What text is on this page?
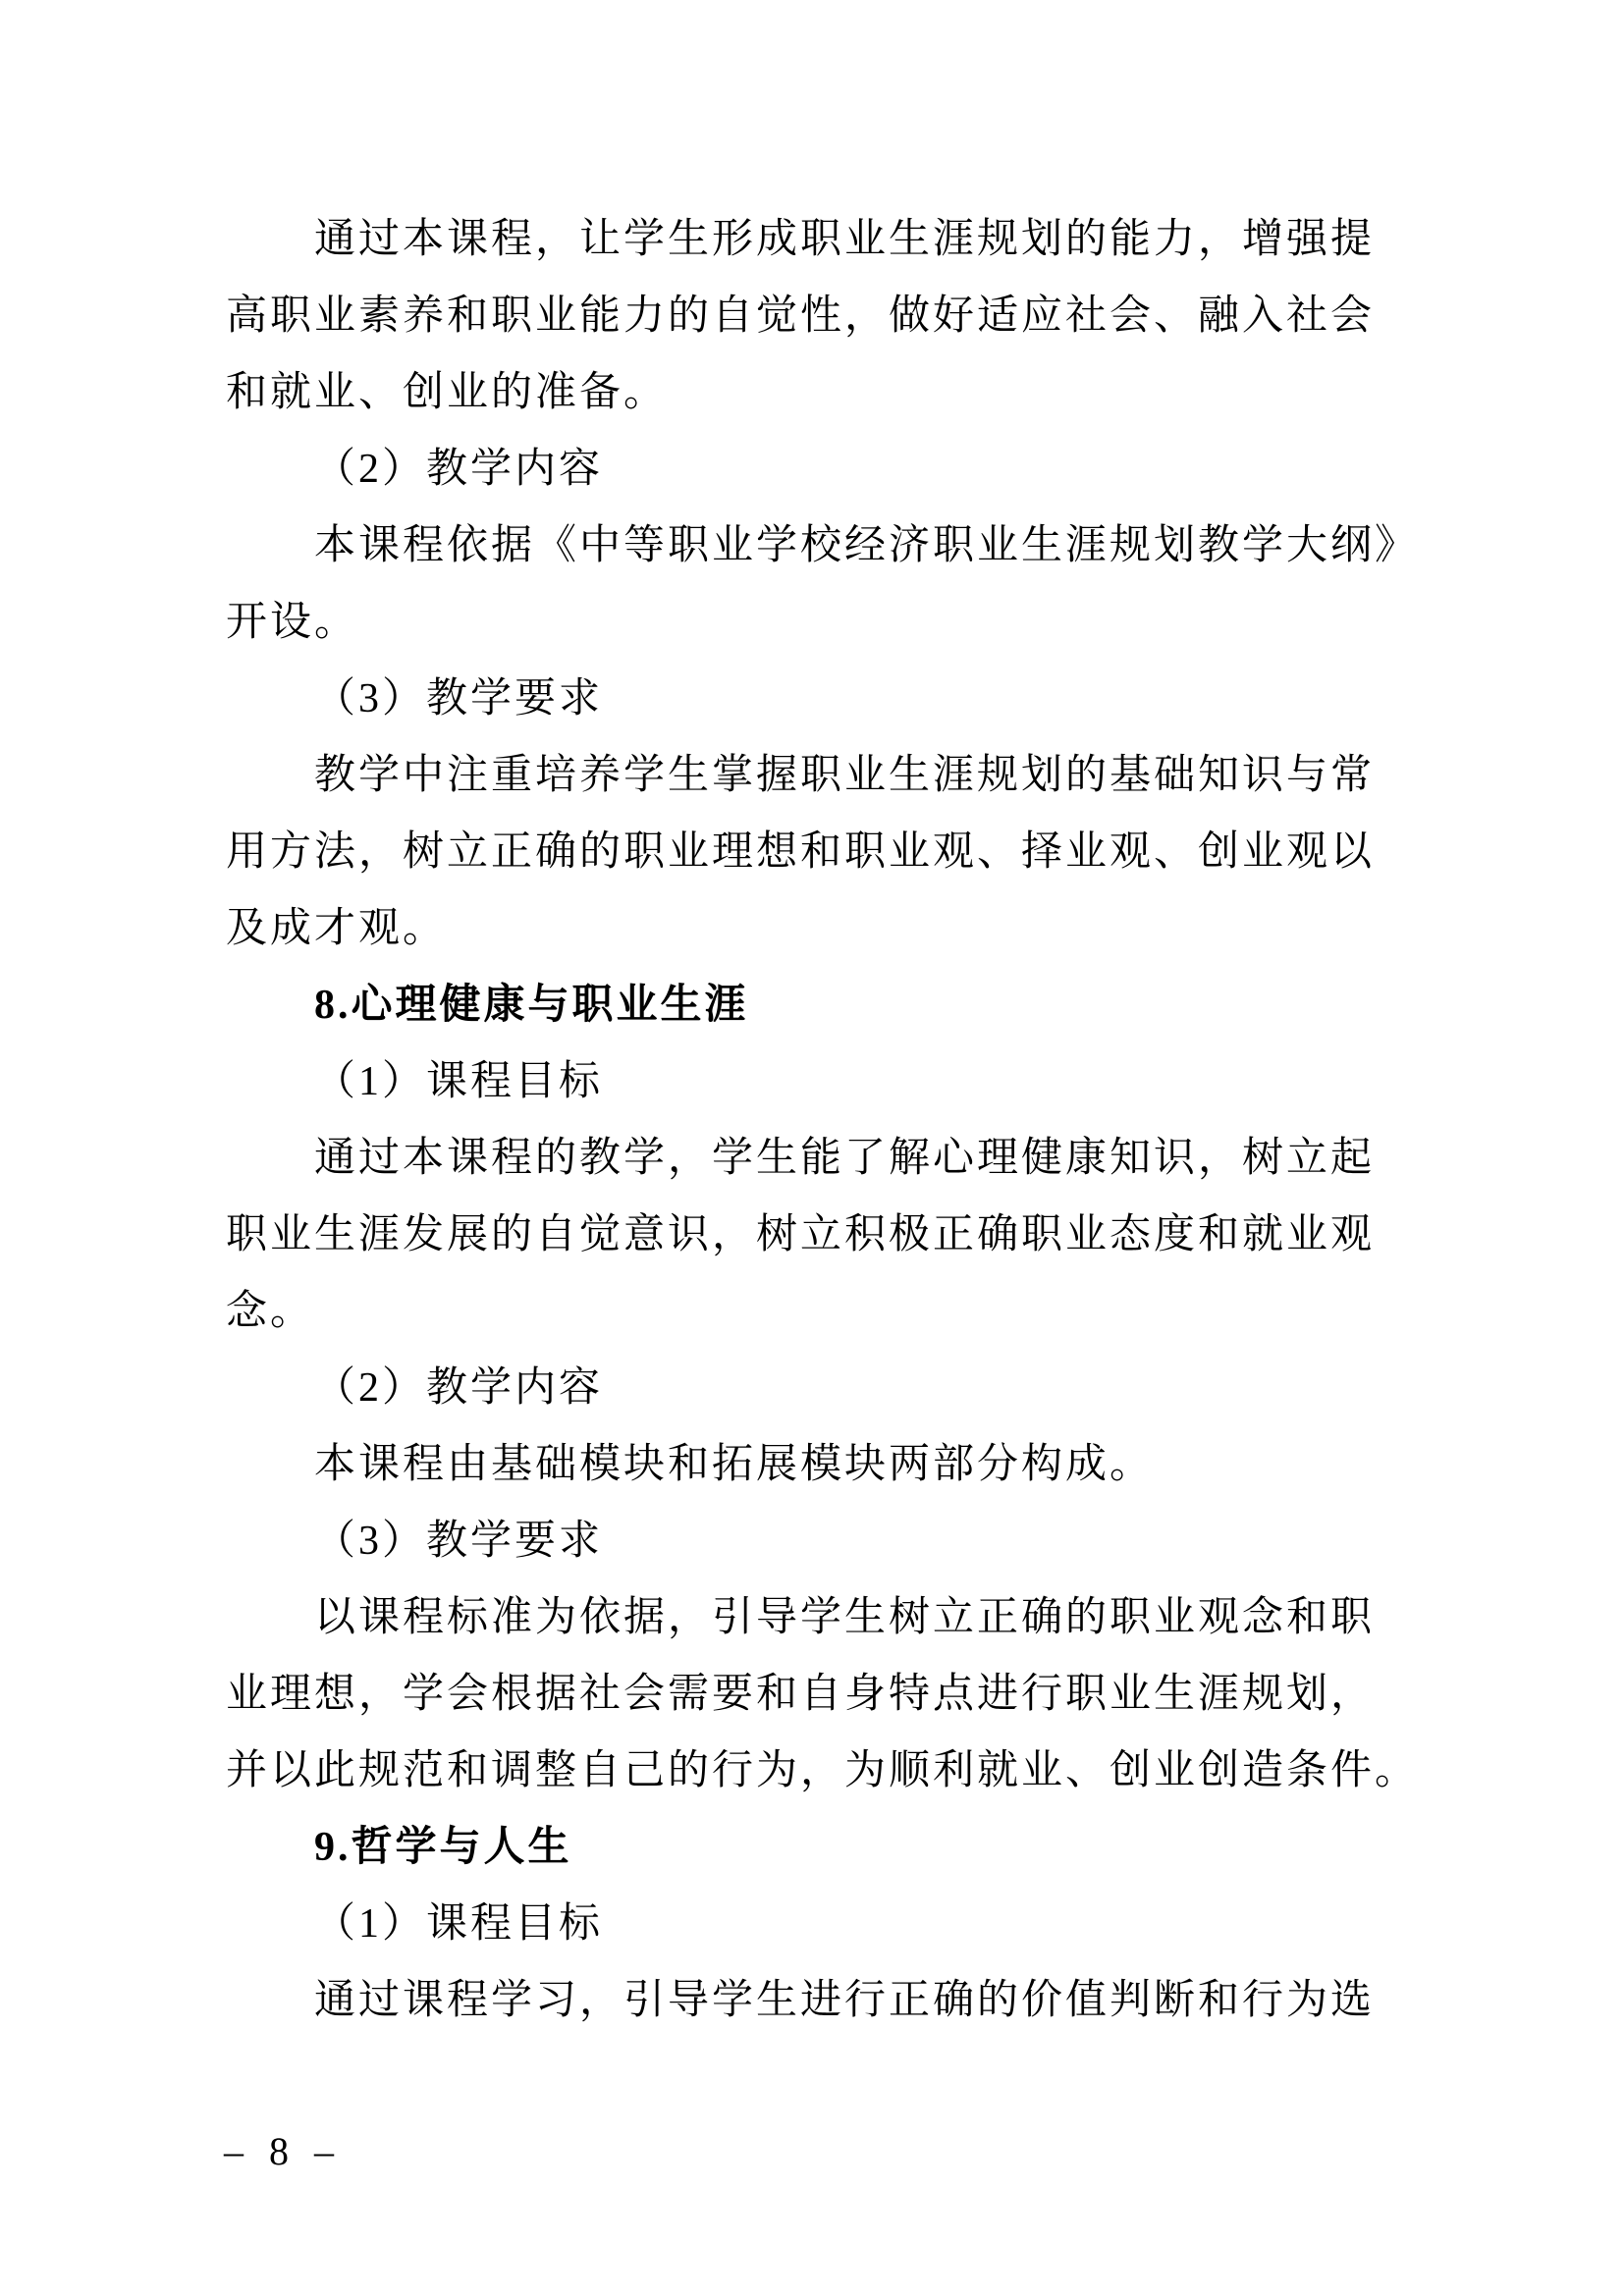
通过本课程，让学生形成职业生涯规划的能力，增强提
高职业素养和职业能力的自觉性，做好适应社会、融入社会
和就业、创业的准备。
（2）教学内容
本课程依据《中等职业学校经济职业生涯规划教学大纲》
开设。
（3）教学要求
教学中注重培养学生掌握职业生涯规划的基础知识与常
用方法，树立正确的职业理想和职业观、择业观、创业观以
及成才观。
8.心理健康与职业生涯
（1）课程目标
通过本课程的教学，学生能了解心理健康知识，树立起
职业生涯发展的自觉意识，树立积极正确职业态度和就业观
念。
（2）教学内容
本课程由基础模块和拓展模块两部分构成。
（3）教学要求
以课程标准为依据，引导学生树立正确的职业观念和职
业理想，学会根据社会需要和自身特点进行职业生涯规划，
并以此规范和调整自己的行为，为顺利就业、创业创造条件。
9.哲学与人生
（1）课程目标
通过课程学习，引导学生进行正确的价值判断和行为选
– 8 –
